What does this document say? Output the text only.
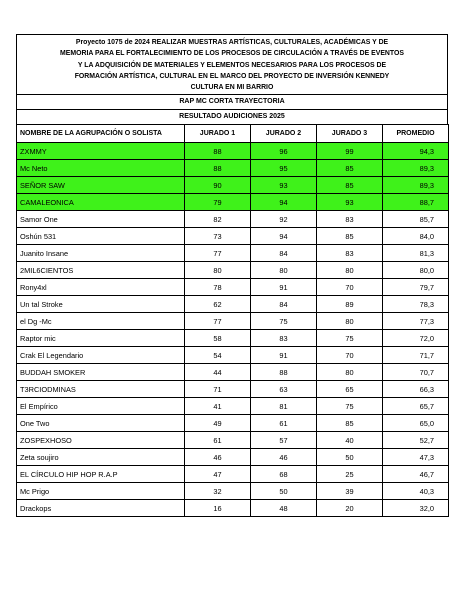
Proyecto 1075 de 2024 REALIZAR MUESTRAS ARTÍSTICAS, CULTURALES, ACADÉMICAS Y DE
MEMORIA PARA EL FORTALECIMIENTO DE LOS PROCESOS DE CIRCULACIÓN A TRAVÉS DE EVENTOS
Y LA ADQUISICIÓN DE MATERIALES Y ELEMENTOS NECESARIOS PARA LOS PROCESOS DE
FORMACIÓN ARTÍSTICA, CULTURAL EN EL MARCO DEL PROYECTO DE INVERSIÓN KENNEDY
CULTURA EN MI BARRIO
RAP MC CORTA TRAYECTORIA
RESULTADO AUDICIONES 2025
NOMBRE DE LA AGRUPACIÓN O SOLISTA	JURADO 1	JURADO 2	JURADO 3	PROMEDIO
ZXMMY	88	96	99	94,3
Mc Neto	88	95	85	89,3
SEÑOR SAW	90	93	85	89,3
CAMALEONICA	79	94	93	88,7
Samor One	82	92	83	85,7
Oshún 531	73	94	85	84,0
Juanito Insane	77	84	83	81,3
2MIL6CIENTOS	80	80	80	80,0
Rony4xl	78	91	70	79,7
Un tal Stroke	62	84	89	78,3
el Dg -Mc	77	75	80	77,3
Raptor mic	58	83	75	72,0
Crak El Legendario	54	91	70	71,7
BUDDAH SMOKER	44	88	80	70,7
T3RCIODMINAS	71	63	65	66,3
El Empírico	41	81	75	65,7
One Two	49	61	85	65,0
ZOSPEXHOSO	61	57	40	52,7
Zeta soujiro	46	46	50	47,3
EL CÍRCULO HIP HOP R.A.P	47	68	25	46,7
Mc Prigo	32	50	39	40,3
Drackops	16	48	20	32,0
